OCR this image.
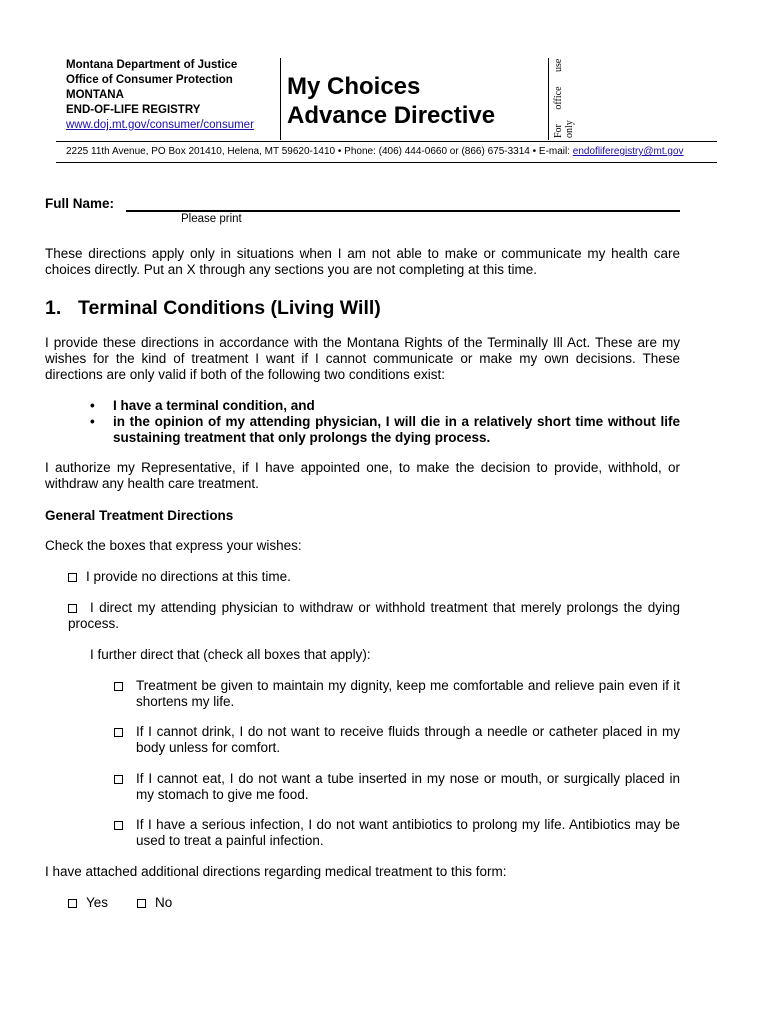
Montana Department of Justice
Office of Consumer Protection
MONTANA
END-OF-LIFE REGISTRY
www.doj.mt.gov/consumer/consumer
My Choices
Advance Directive	For office use only
2225 11th Avenue, PO Box 201410, Helena, MT 59620-1410 • Phone: (406) 444-0660 or (866) 675-3314 • E-mail: endofliferegistry@mt.gov
Full Name:
Please print
These directions apply only in situations when I am not able to make or communicate my health care choices directly. Put an X through any sections you are not completing at this time.
1. Terminal Conditions (Living Will)
I provide these directions in accordance with the Montana Rights of the Terminally Ill Act. These are my wishes for the kind of treatment I want if I cannot communicate or make my own decisions. These directions are only valid if both of the following two conditions exist:
• I have a terminal condition, and
• in the opinion of my attending physician, I will die in a relatively short time without life sustaining treatment that only prolongs the dying process.
I authorize my Representative, if I have appointed one, to make the decision to provide, withhold, or withdraw any health care treatment.
General Treatment Directions
Check the boxes that express your wishes:
I provide no directions at this time.
I direct my attending physician to withdraw or withhold treatment that merely prolongs the dying process.
I further direct that (check all boxes that apply):
Treatment be given to maintain my dignity, keep me comfortable and relieve pain even if it shortens my life.
If I cannot drink, I do not want to receive fluids through a needle or catheter placed in my body unless for comfort.
If I cannot eat, I do not want a tube inserted in my nose or mouth, or surgically placed in my stomach to give me food.
If I have a serious infection, I do not want antibiotics to prolong my life. Antibiotics may be used to treat a painful infection.
I have attached additional directions regarding medical treatment to this form:
Yes	No
